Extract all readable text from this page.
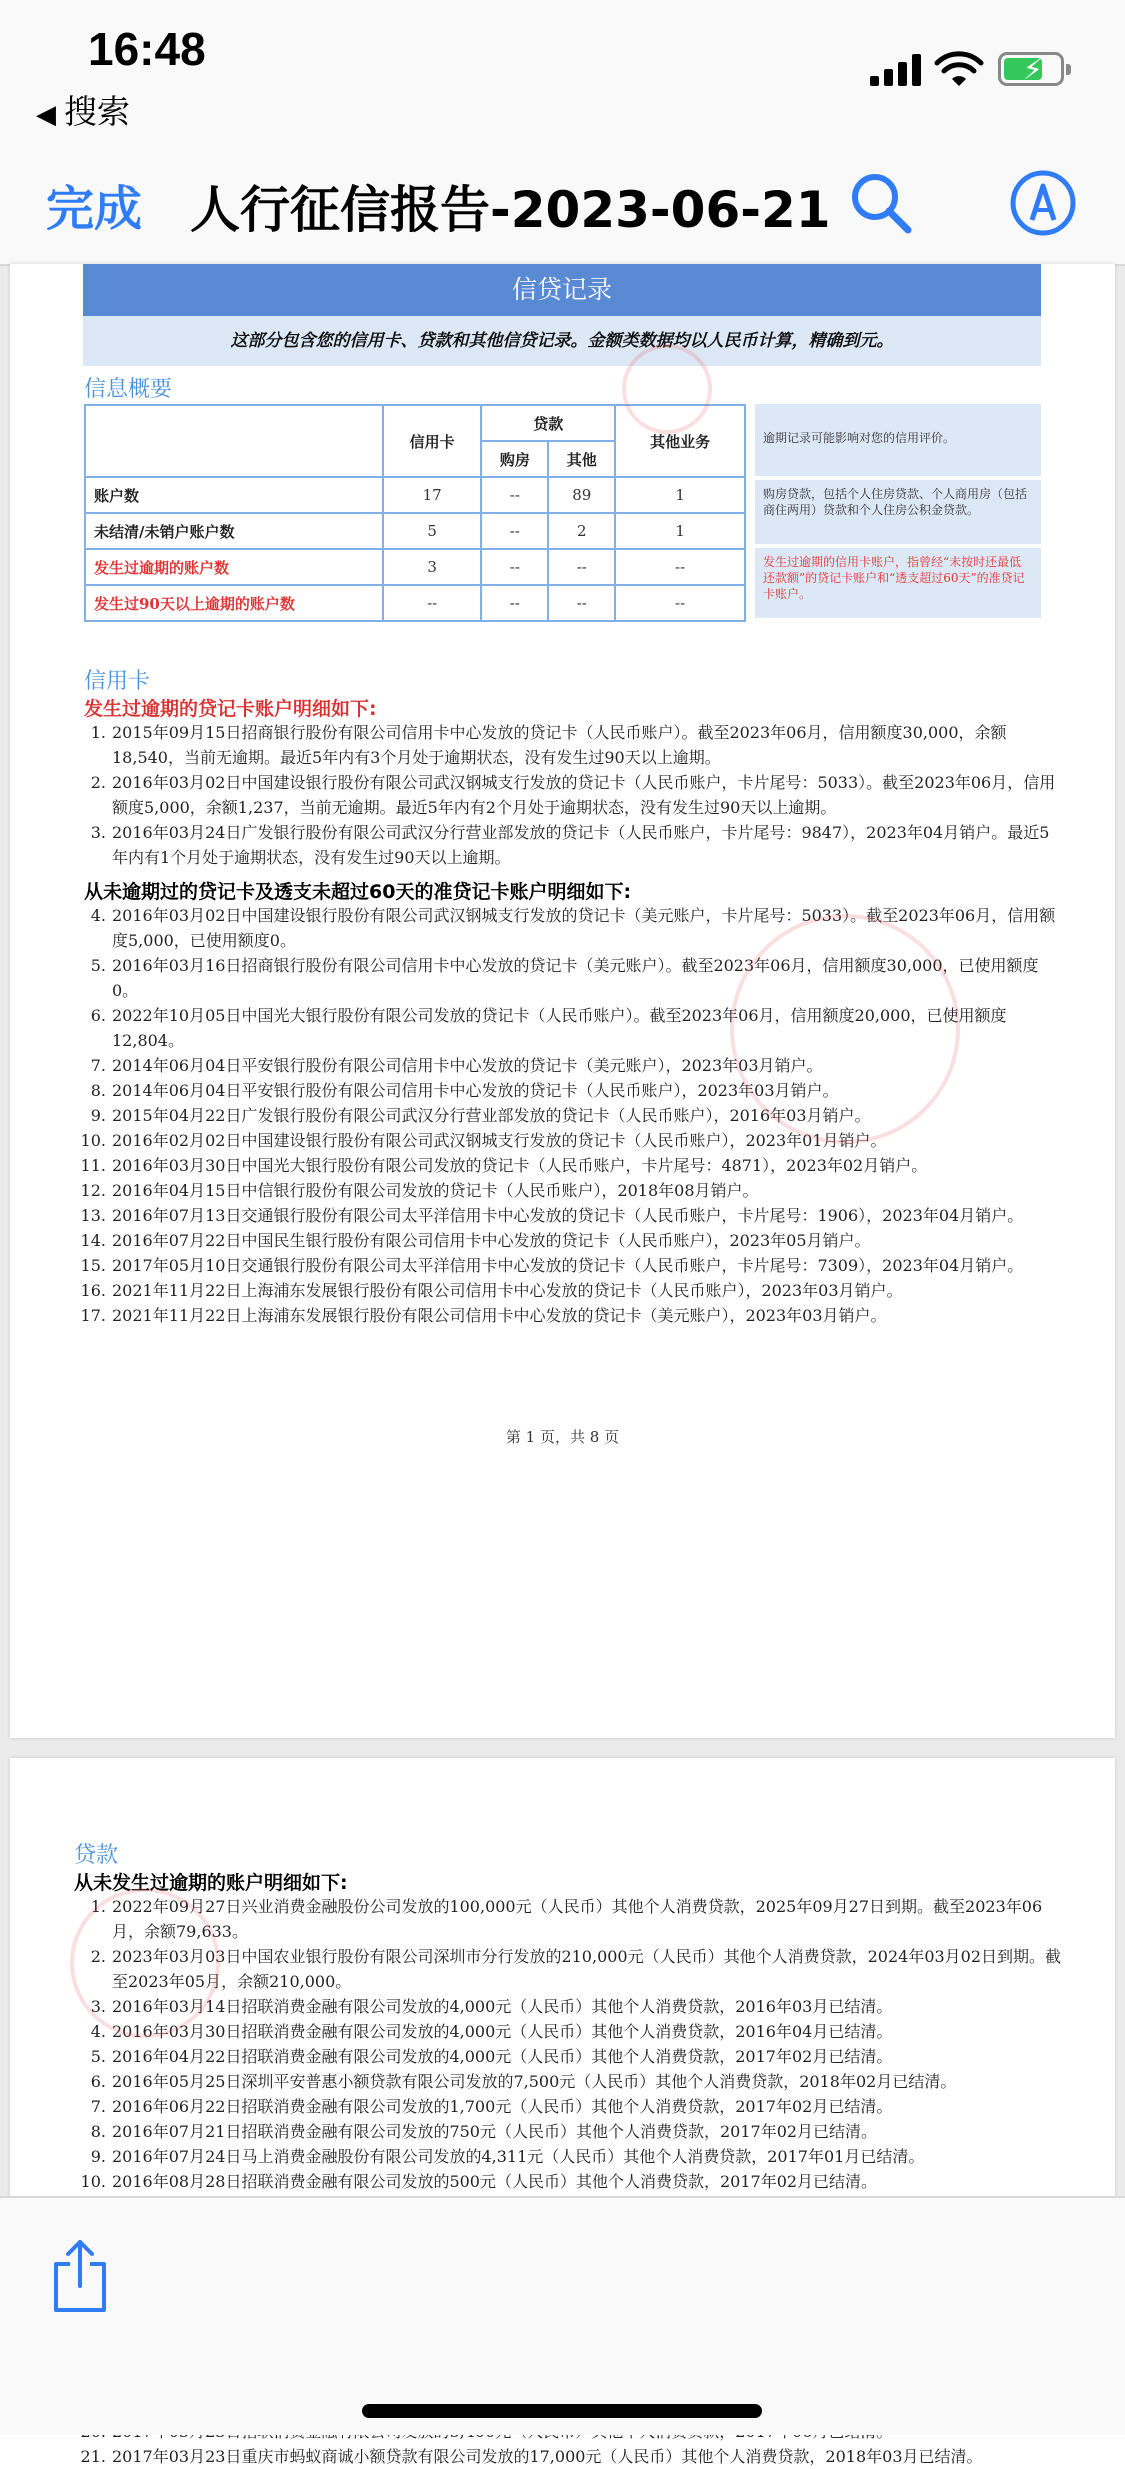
16:48
◀ 搜索
⚡
完成 人行征信报告-2023-06-21
信贷记录
这部分包含您的信用卡、贷款和其他信贷记录。金额类数据均以人民币计算，精确到元。
信息概要
	信用卡	贷款		其他业务
		购房	其他	
账户数	17	--	89	1
未结清/未销户账户数	5	--	2	1
发生过逾期的账户数	3	--	--	--
发生过90天以上逾期的账户数	--	--	--	--
逾期记录可能影响对您的信用评价。
购房贷款，包括个人住房贷款、个人商用房（包括商住两用）贷款和个人住房公积金贷款。
发生过逾期的信用卡账户，指曾经“未按时还最低还款额”的贷记卡账户和“透支超过60天”的准贷记卡账户。
信用卡
发生过逾期的贷记卡账户明细如下:
1. 2015年09月15日招商银行股份有限公司信用卡中心发放的贷记卡（人民币账户）。截至2023年06月，信用额度30,000，余额18,540，当前无逾期。最近5年内有3个月处于逾期状态，没有发生过90天以上逾期。
2. 2016年03月02日中国建设银行股份有限公司武汉钢城支行发放的贷记卡（人民币账户，卡片尾号：5033）。截至2023年06月，信用额度5,000，余额1,237，当前无逾期。最近5年内有2个月处于逾期状态，没有发生过90天以上逾期。
3. 2016年03月24日广发银行股份有限公司武汉分行营业部发放的贷记卡（人民币账户，卡片尾号：9847），2023年04月销户。最近5年内有1个月处于逾期状态，没有发生过90天以上逾期。
从未逾期过的贷记卡及透支未超过60天的准贷记卡账户明细如下:
4. 2016年03月02日中国建设银行股份有限公司武汉钢城支行发放的贷记卡（美元账户，卡片尾号：5033）。截至2023年06月，信用额度5,000，已使用额度0。
5. 2016年03月16日招商银行股份有限公司信用卡中心发放的贷记卡（美元账户）。截至2023年06月，信用额度30,000，已使用额度0。
6. 2022年10月05日中国光大银行股份有限公司发放的贷记卡（人民币账户）。截至2023年06月，信用额度20,000，已使用额度12,804。
7. 2014年06月04日平安银行股份有限公司信用卡中心发放的贷记卡（美元账户），2023年03月销户。
8. 2014年06月04日平安银行股份有限公司信用卡中心发放的贷记卡（人民币账户），2023年03月销户。
9. 2015年04月22日广发银行股份有限公司武汉分行营业部发放的贷记卡（人民币账户），2016年03月销户。
10. 2016年02月02日中国建设银行股份有限公司武汉钢城支行发放的贷记卡（人民币账户），2023年01月销户。
11. 2016年03月30日中国光大银行股份有限公司发放的贷记卡（人民币账户，卡片尾号：4871），2023年02月销户。
12. 2016年04月15日中信银行股份有限公司发放的贷记卡（人民币账户），2018年08月销户。
13. 2016年07月13日交通银行股份有限公司太平洋信用卡中心发放的贷记卡（人民币账户，卡片尾号：1906），2023年04月销户。
14. 2016年07月22日中国民生银行股份有限公司信用卡中心发放的贷记卡（人民币账户），2023年05月销户。
15. 2017年05月10日交通银行股份有限公司太平洋信用卡中心发放的贷记卡（人民币账户，卡片尾号：7309），2023年04月销户。
16. 2021年11月22日上海浦东发展银行股份有限公司信用卡中心发放的贷记卡（人民币账户），2023年03月销户。
17. 2021年11月22日上海浦东发展银行股份有限公司信用卡中心发放的贷记卡（美元账户），2023年03月销户。
第 1 页，共 8 页
贷款
从未发生过逾期的账户明细如下:
1. 2022年09月27日兴业消费金融股份公司发放的100,000元（人民币）其他个人消费贷款，2025年09月27日到期。截至2023年06月，余额79,633。
2. 2023年03月03日中国农业银行股份有限公司深圳市分行发放的210,000元（人民币）其他个人消费贷款，2024年03月02日到期。截至2023年05月，余额210,000。
3. 2016年03月14日招联消费金融有限公司发放的4,000元（人民币）其他个人消费贷款，2016年03月已结清。
4. 2016年03月30日招联消费金融有限公司发放的4,000元（人民币）其他个人消费贷款，2016年04月已结清。
5. 2016年04月22日招联消费金融有限公司发放的4,000元（人民币）其他个人消费贷款，2017年02月已结清。
6. 2016年05月25日深圳平安普惠小额贷款有限公司发放的7,500元（人民币）其他个人消费贷款，2018年02月已结清。
7. 2016年06月22日招联消费金融有限公司发放的1,700元（人民币）其他个人消费贷款，2017年02月已结清。
8. 2016年07月21日招联消费金融有限公司发放的750元（人民币）其他个人消费贷款，2017年02月已结清。
9. 2016年07月24日马上消费金融股份有限公司发放的4,311元（人民币）其他个人消费贷款，2017年01月已结清。
10. 2016年08月28日招联消费金融有限公司发放的500元（人民币）其他个人消费贷款，2017年02月已结清。
21. 2017年03月23日重庆市蚂蚁商诚小额贷款有限公司发放的17,000元（人民币）其他个人消费贷款，2018年03月已结清。
